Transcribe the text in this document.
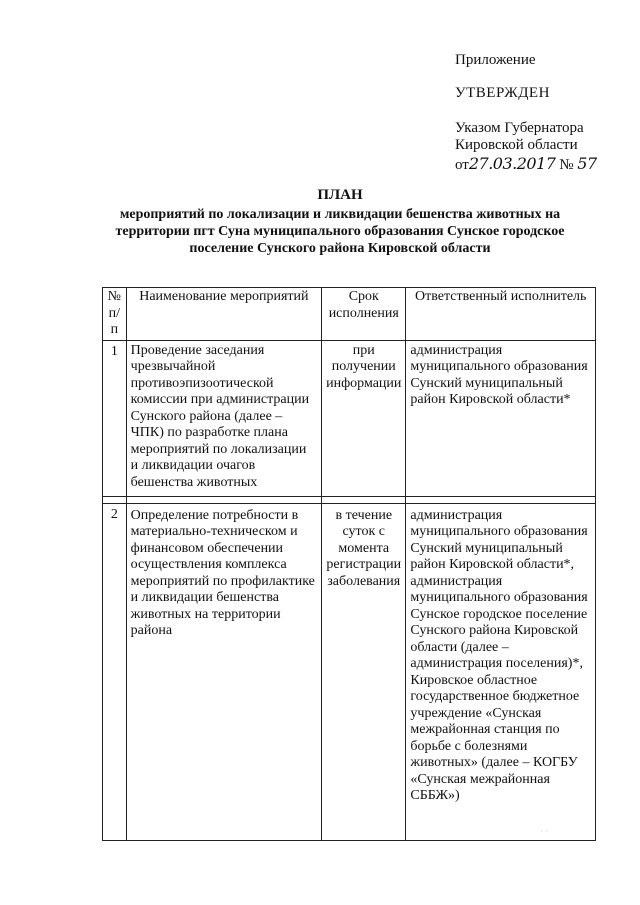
Приложение
УТВЕРЖДЕН
Указом Губернатора
Кировской области
от27.03.2017 № 57
ПЛАН
мероприятий по локализации и ликвидации бешенства животных на
территории пгт Суна муниципального образования Сунское городское
поселение Сунского района Кировской области
№ п/п	Наименование мероприятий	Срок исполнения	Ответственный исполнитель
1	Проведение заседания чрезвычайной противоэпизоотической комиссии при администрации Сунского района (далее – ЧПК) по разработке плана мероприятий по локализации и ликвидации очагов бешенства животных	при получении информации	администрация муниципального образования Сунский муниципальный район Кировской области*

2	Определение потребности в материально-техническом и финансовом обеспечении осуществления комплекса мероприятий по профилактике и ликвидации бешенства животных на территории района	в течение суток с момента регистрации заболевания	администрация муниципального образования Сунский муниципальный район Кировской области*, администрация муниципального образования Сунское городское поселение Сунского района Кировской области (далее – администрация поселения)*, Кировское областное государственное бюджетное учреждение «Сунская межрайонная станция по борьбе с болезнями животных» (далее – КОГБУ «Сунская межрайонная СББЖ»)
· ·
